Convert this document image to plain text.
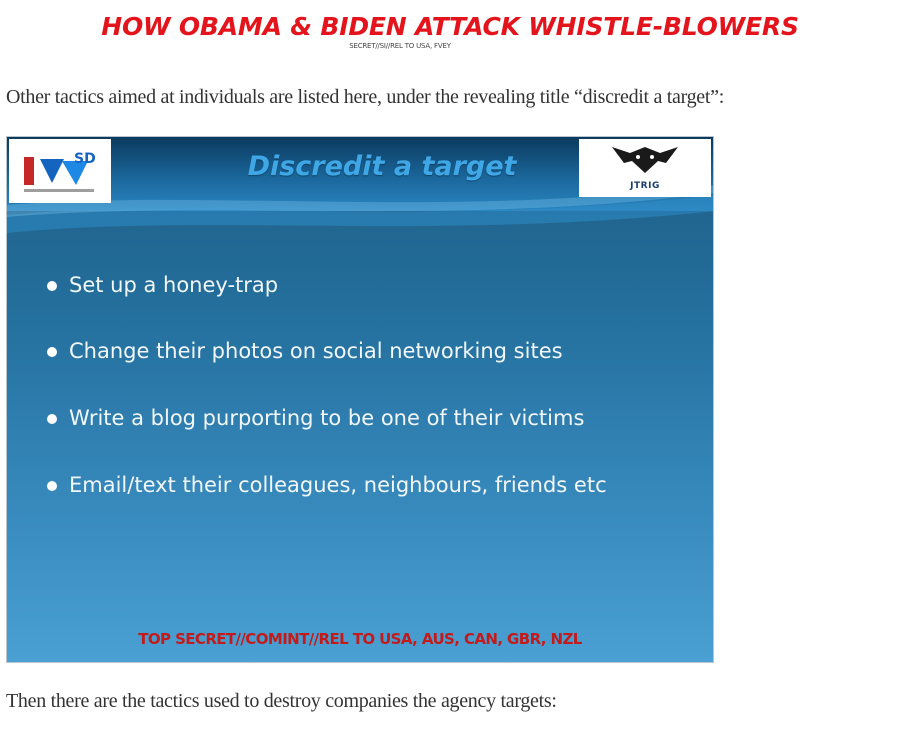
HOW OBAMA & BIDEN ATTACK WHISTLE-BLOWERS
SECRET//SI//REL TO USA, FVEY

Other tactics aimed at individuals are listed here, under the revealing title “discredit a target”:

SD	Discredit a target
JTRIG
Set up a honey-trap
Change their photos on social networking sites
Write a blog purporting to be one of their victims
Email/text their colleagues, neighbours, friends etc
TOP SECRET//COMINT//REL TO USA, AUS, CAN, GBR, NZL

Then there are the tactics used to destroy companies the agency targets:
